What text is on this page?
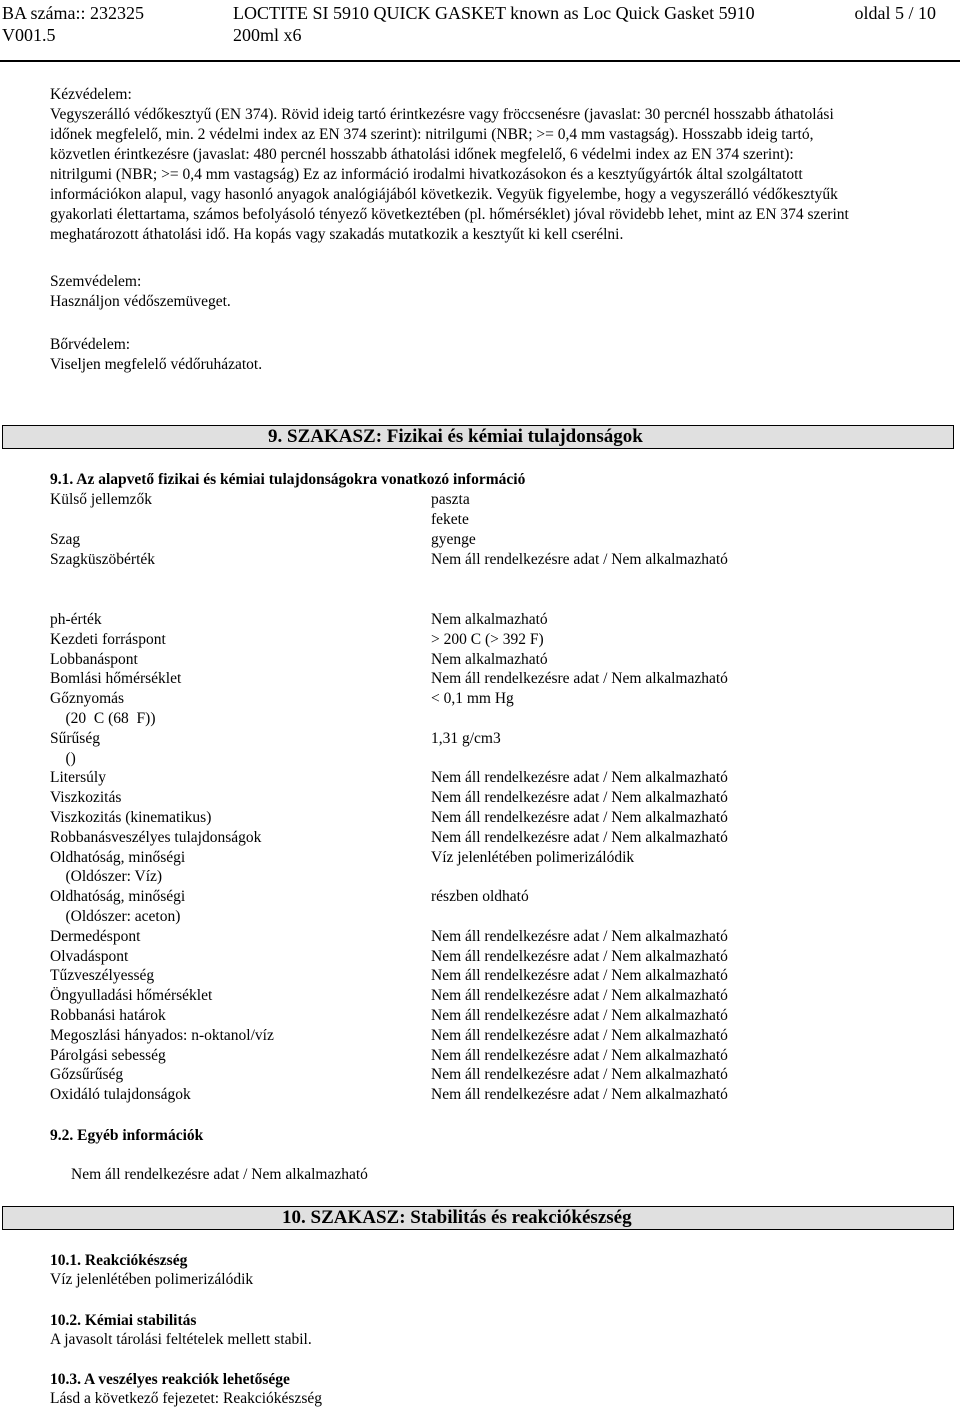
BA száma:: 232325
V001.5
LOCTITE SI 5910 QUICK GASKET known as Loc Quick Gasket 5910
200ml x6
oldal 5 / 10
Kézvédelem:
Vegyszerálló védőkesztyű (EN 374). Rövid ideig tartó érintkezésre vagy fröccsenésre (javaslat: 30 percnél hosszabb áthatolási
időnek megfelelő, min. 2 védelmi index az EN 374 szerint): nitrilgumi (NBR; >= 0,4 mm vastagság). Hosszabb ideig tartó,
közvetlen érintkezésre (javaslat: 480 percnél hosszabb áthatolási időnek megfelelő, 6 védelmi index az EN 374 szerint):
nitrilgumi (NBR; >= 0,4 mm vastagság) Ez az információ irodalmi hivatkozásokon és a kesztyűgyártók által szolgáltatott
információkon alapul, vagy hasonló anyagok analógiájából következik. Vegyük figyelembe, hogy a vegyszerálló védőkesztyűk
gyakorlati élettartama, számos befolyásoló tényező következtében (pl. hőmérséklet) jóval rövidebb lehet, mint az EN 374 szerint
meghatározott áthatolási idő. Ha kopás vagy szakadás mutatkozik a kesztyűt ki kell cserélni.
Szemvédelem:
Használjon védőszemüveget.
Bőrvédelem:
Viseljen megfelelő védőruházatot.
9. SZAKASZ: Fizikai és kémiai tulajdonságok
9.1. Az alapvető fizikai és kémiai tulajdonságokra vonatkozó információ
Külső jellemzők	paszta
fekete
Szag	gyenge
Szagküszöbérték	Nem áll rendelkezésre adat / Nem alkalmazható
ph-érték	Nem alkalmazható
Kezdeti forráspont	> 200 C (> 392 F)
Lobbanáspont	Nem alkalmazható
Bomlási hőmérséklet	Nem áll rendelkezésre adat / Nem alkalmazható
Gőznyomás	< 0,1 mm Hg
(20  C (68  F))
Sűrűség	1,31 g/cm3
()
Litersúly	Nem áll rendelkezésre adat / Nem alkalmazható
Viszkozitás	Nem áll rendelkezésre adat / Nem alkalmazható
Viszkozitás (kinematikus)	Nem áll rendelkezésre adat / Nem alkalmazható
Robbanásveszélyes tulajdonságok	Nem áll rendelkezésre adat / Nem alkalmazható
Oldhatóság, minőségi	Víz jelenlétében polimerizálódik
(Oldószer: Víz)
Oldhatóság, minőségi	részben oldható
(Oldószer: aceton)
Dermedéspont	Nem áll rendelkezésre adat / Nem alkalmazható
Olvadáspont	Nem áll rendelkezésre adat / Nem alkalmazható
Tűzveszélyesség	Nem áll rendelkezésre adat / Nem alkalmazható
Öngyulladási hőmérséklet	Nem áll rendelkezésre adat / Nem alkalmazható
Robbanási határok	Nem áll rendelkezésre adat / Nem alkalmazható
Megoszlási hányados: n-oktanol/víz	Nem áll rendelkezésre adat / Nem alkalmazható
Párolgási sebesség	Nem áll rendelkezésre adat / Nem alkalmazható
Gőzsűrűség	Nem áll rendelkezésre adat / Nem alkalmazható
Oxidáló tulajdonságok	Nem áll rendelkezésre adat / Nem alkalmazható
9.2. Egyéb információk
Nem áll rendelkezésre adat / Nem alkalmazható
10. SZAKASZ: Stabilitás és reakciókészség
10.1. Reakciókészség
Víz jelenlétében polimerizálódik
10.2. Kémiai stabilitás
A javasolt tárolási feltételek mellett stabil.
10.3. A veszélyes reakciók lehetősége
Lásd a következő fejezetet: Reakciókészség
